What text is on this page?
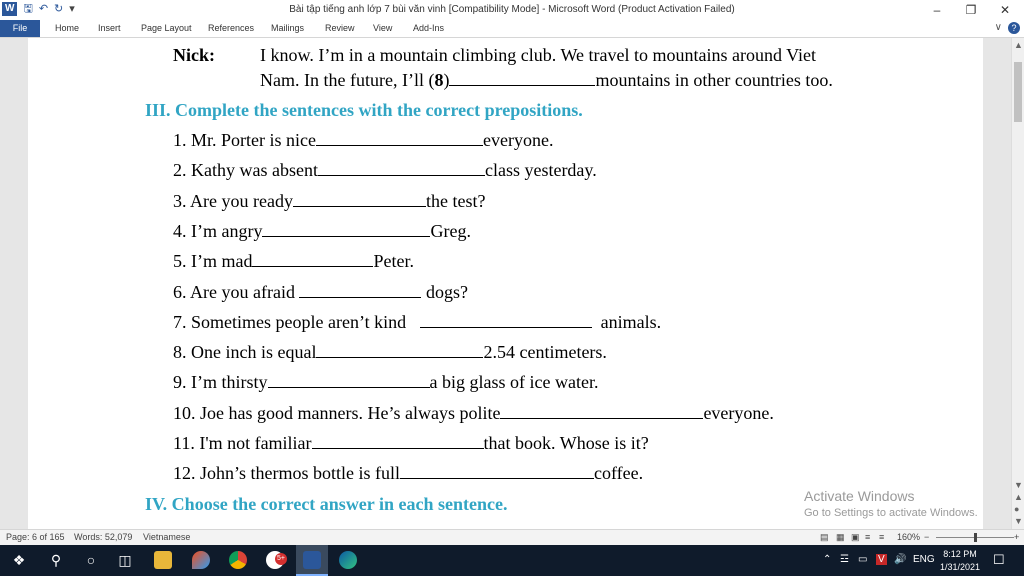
W 🖫 ↶ ↻ ▾	Bài tập tiếng anh lớp 7 bùi văn vinh [Compatibility Mode] - Microsoft Word (Product Activation Failed)	–	❐	✕
File	Home Insert Page Layout References Mailings Review View Add-Ins	∨	?
Nick:	I know. I’m in a mountain climbing club. We travel to mountains around Viet
Nam. In the future, I’ll (8)	mountains in other countries too.
III. Complete the sentences with the correct prepositions.
1. Mr. Porter is nice	everyone.
2. Kathy was absent	class yesterday.
3. Are you ready	the test?
4. I’m angry	Greg.
5. I’m mad	Peter.
6. Are you afraid	dogs?
7. Sometimes people aren’t kind	animals.
8. One inch is equal	2.54 centimeters.
9. I’m thirsty	a big glass of ice water.
10. Joe has good manners. He’s always polite	everyone.
11. I'm not familiar	that book. Whose is it?
12. John’s thermos bottle is full	coffee.
IV. Choose the correct answer in each sentence.	Activate Windows
Go to Settings to activate Windows.
▲
▼
▲
●
▼
Page: 6 of 165 Words: 52,079 Vietnamese	▤ ▦ ▣ ≡ ≡ 160% −	+
❖	⚲	○	◫	5+	⌃ ☲ ▭ V 🔊 ENG 8:12 PM
1/31/2021 ☐
